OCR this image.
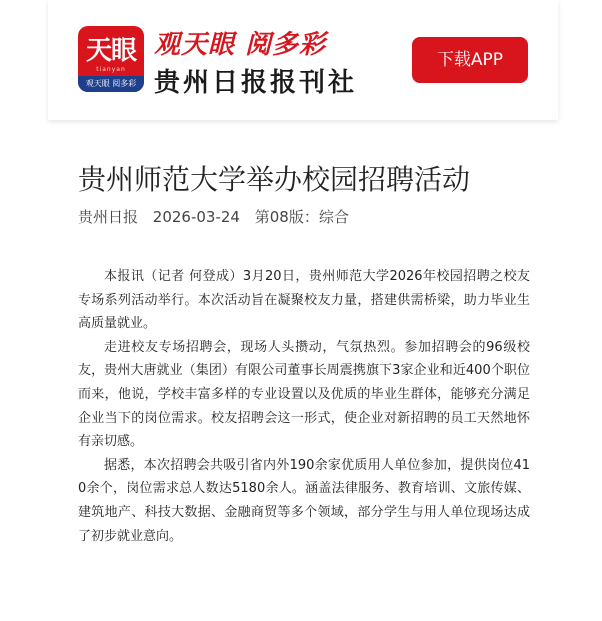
天眼
tianyan
观天眼 阅多彩
观天眼 阅多彩
贵州日报报刊社
下载APP
贵州师范大学举办校园招聘活动
贵州日报 2026-03-24 第08版：综合

本报讯（记者 何登成）3月20日，贵州师范大学2026年校园招聘之校友专场系列活动举行。本次活动旨在凝聚校友力量，搭建供需桥梁，助力毕业生高质量就业。

走进校友专场招聘会，现场人头攒动，气氛热烈。参加招聘会的96级校友，贵州大唐就业（集团）有限公司董事长周震携旗下3家企业和近400个职位而来，他说，学校丰富多样的专业设置以及优质的毕业生群体，能够充分满足企业当下的岗位需求。校友招聘会这一形式，使企业对新招聘的员工天然地怀有亲切感。

据悉，本次招聘会共吸引省内外190余家优质用人单位参加，提供岗位410余个，岗位需求总人数达5180余人。涵盖法律服务、教育培训、文旅传媒、建筑地产、科技大数据、金融商贸等多个领域，部分学生与用人单位现场达成了初步就业意向。
